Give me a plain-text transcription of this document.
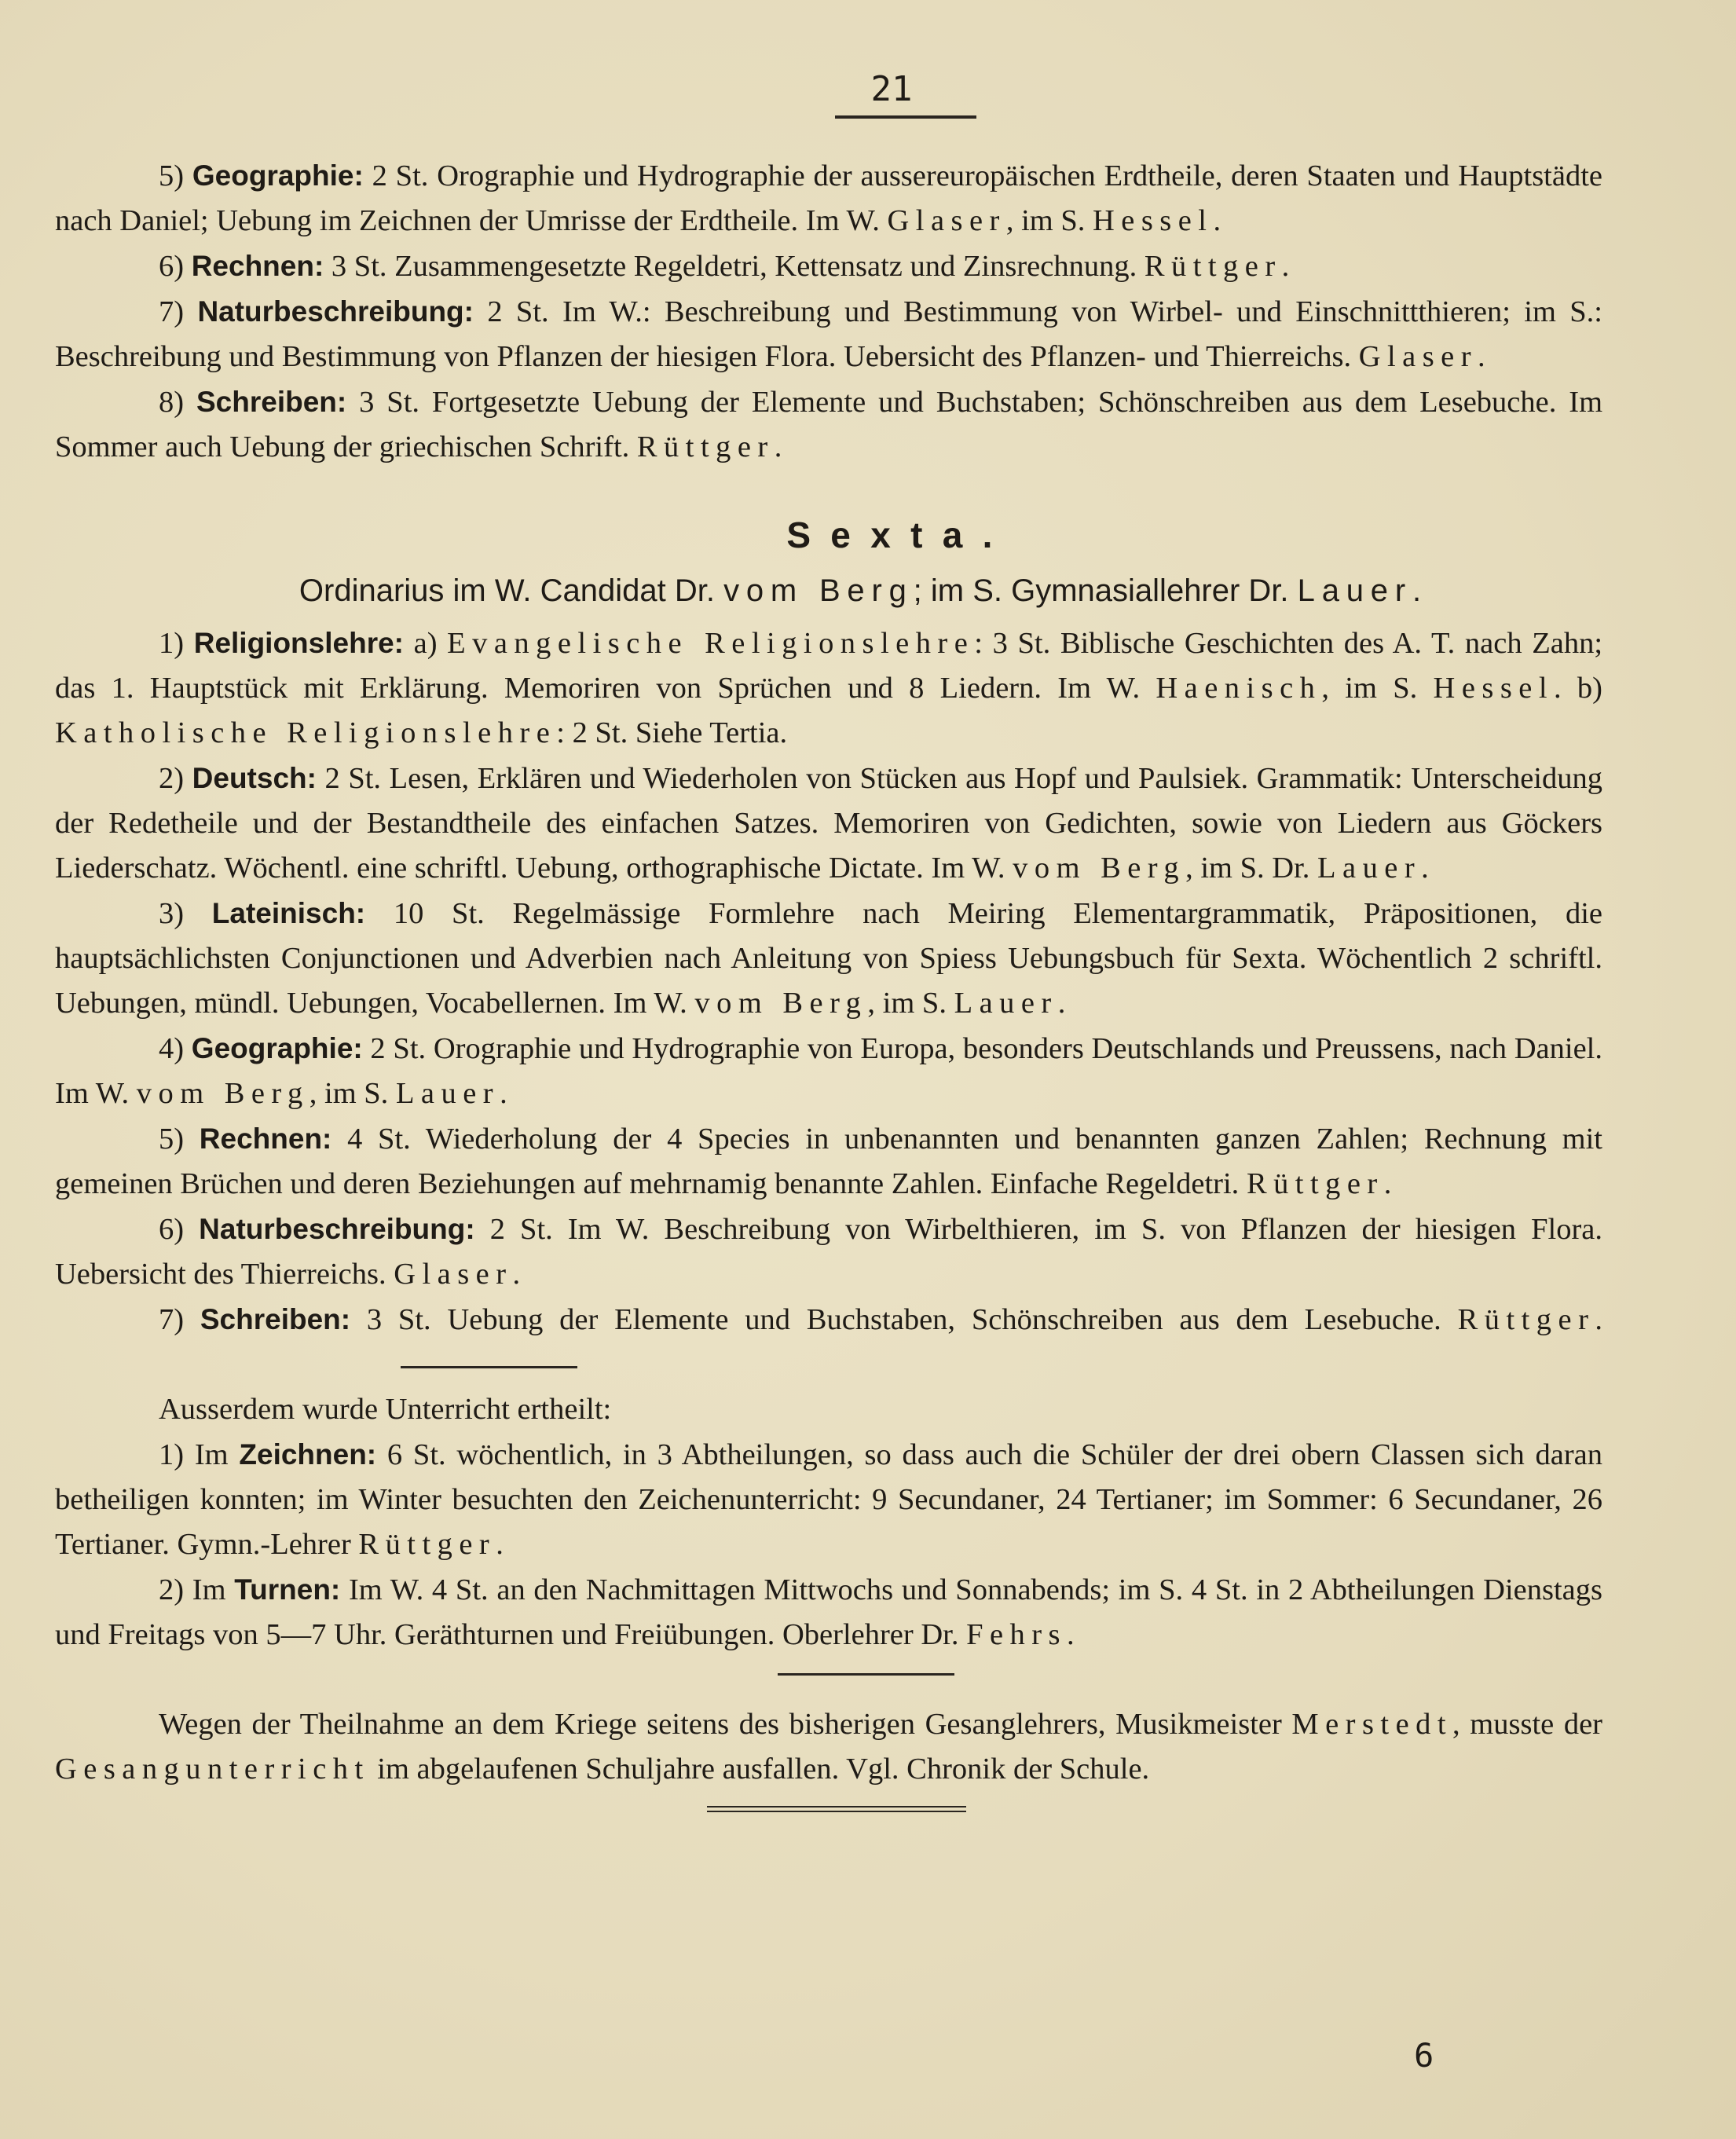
21

5) Geographie: 2 St. Orographie und Hydrographie der aussereuropäischen Erdtheile, deren Staaten und Hauptstädte nach Daniel; Uebung im Zeichnen der Umrisse der Erdtheile. Im W. Glaser, im S. Hessel.

6) Rechnen: 3 St. Zusammengesetzte Regeldetri, Kettensatz und Zinsrechnung. Rüttger.

7) Naturbeschreibung: 2 St. Im W.: Beschreibung und Bestimmung von Wirbel- und Einschnittthieren; im S.: Beschreibung und Bestimmung von Pflanzen der hiesigen Flora. Uebersicht des Pflanzen- und Thierreichs. Glaser.

8) Schreiben: 3 St. Fortgesetzte Uebung der Elemente und Buchstaben; Schönschreiben aus dem Lesebuche. Im Sommer auch Uebung der griechischen Schrift. Rüttger.

Sexta.
Ordinarius im W. Candidat Dr. vom Berg; im S. Gymnasiallehrer Dr. Lauer.

1) Religionslehre: a) Evangelische Religionslehre: 3 St. Biblische Geschichten des A. T. nach Zahn; das 1. Hauptstück mit Erklärung. Memoriren von Sprüchen und 8 Liedern. Im W. Haenisch, im S. Hessel. b) Katholische Religionslehre: 2 St. Siehe Tertia.

2) Deutsch: 2 St. Lesen, Erklären und Wiederholen von Stücken aus Hopf und Paulsiek. Grammatik: Unterscheidung der Redetheile und der Bestandtheile des einfachen Satzes. Memoriren von Gedichten, sowie von Liedern aus Göckers Liederschatz. Wöchentl. eine schriftl. Uebung, orthographische Dictate. Im W. vom Berg, im S. Dr. Lauer.

3) Lateinisch: 10 St. Regelmässige Formlehre nach Meiring Elementargrammatik, Präpositionen, die hauptsächlichsten Conjunctionen und Adverbien nach Anleitung von Spiess Uebungsbuch für Sexta. Wöchentlich 2 schriftl. Uebungen, mündl. Uebungen, Vocabellernen. Im W. vom Berg, im S. Lauer.

4) Geographie: 2 St. Orographie und Hydrographie von Europa, besonders Deutschlands und Preussens, nach Daniel. Im W. vom Berg, im S. Lauer.

5) Rechnen: 4 St. Wiederholung der 4 Species in unbenannten und benannten ganzen Zahlen; Rechnung mit gemeinen Brüchen und deren Beziehungen auf mehrnamig benannte Zahlen. Einfache Regeldetri. Rüttger.

6) Naturbeschreibung: 2 St. Im W. Beschreibung von Wirbelthieren, im S. von Pflanzen der hiesigen Flora. Uebersicht des Thierreichs. Glaser.

7) Schreiben: 3 St. Uebung der Elemente und Buchstaben, Schönschreiben aus dem Lesebuche. Rüttger.

Ausserdem wurde Unterricht ertheilt:

1) Im Zeichnen: 6 St. wöchentlich, in 3 Abtheilungen, so dass auch die Schüler der drei obern Classen sich daran betheiligen konnten; im Winter besuchten den Zeichenunterricht: 9 Secundaner, 24 Tertianer; im Sommer: 6 Secundaner, 26 Tertianer. Gymn.-Lehrer Rüttger.

2) Im Turnen: Im W. 4 St. an den Nachmittagen Mittwochs und Sonnabends; im S. 4 St. in 2 Abtheilungen Dienstags und Freitags von 5—7 Uhr. Geräthturnen und Freiübungen. Oberlehrer Dr. Fehrs.

Wegen der Theilnahme an dem Kriege seitens des bisherigen Gesanglehrers, Musikmeister Merstedt, musste der Gesangunterricht im abgelaufenen Schuljahre ausfallen. Vgl. Chronik der Schule.

6
